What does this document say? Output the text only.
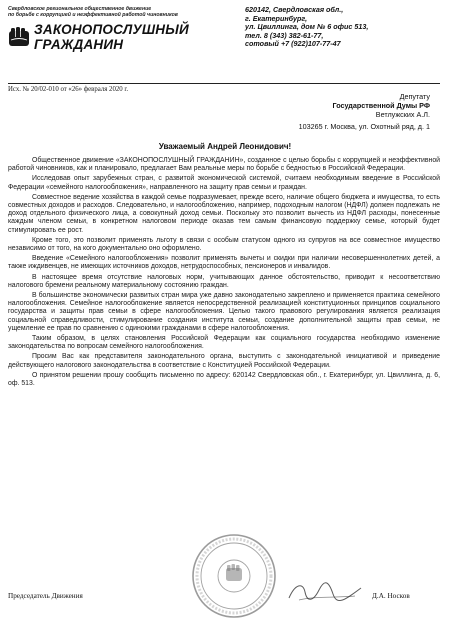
Свердловское региональное общественное движение
по борьбе с коррупцией и неэффективной работой чиновников
ЗАКОНОПОСЛУШНЫЙ
ГРАЖДАНИН
620142, Свердловская обл.,
г. Екатеринбург,
ул. Цвиллинга, дом № 6 офис 513,
тел. 8 (343) 382-61-77,
сотовый +7 (922)107-77-47
Исх. № 20/02-010 от «26» февраля 2020 г.
Депутату
Государственной Думы РФ
Ветлужских А.Л.
103265 г. Москва, ул. Охотный ряд, д. 1
Уважаемый Андрей Леонидович!

Общественное движение «ЗАКОНОПОСЛУШНЫЙ ГРАЖДАНИН», созданное с целью борьбы с коррупцией и неэффективной работой чиновников, как и планировало, предлагает Вам реальные меры по борьбе с бедностью в Российской Федерации.

Исследовав опыт зарубежных стран, с развитой экономической системой, считаем необходимым введение в Российской Федерации «семейного налогообложения», направленного на защиту прав семьи и граждан.

Совместное ведение хозяйства в каждой семье подразумевает, прежде всего, наличие общего бюджета и имущества, то есть совместных доходов и расходов. Следовательно, и налогообложению, например, подоходным налогом (НДФЛ) должен подлежать не доход отдельного физического лица, а совокупный доход семьи. Поскольку это позволит вычесть из НДФЛ расходы, понесенные каждым членом семьи, в конкретном налоговом периоде оказав тем самым финансовую поддержку семье, который будет стимулировать ее рост.

Кроме того, это позволит применять льготу в связи с особым статусом одного из супругов на все совместное имущество независимо от того, на кого документально оно оформлено.

Введение «Семейного налогообложения» позволит применять вычеты и скидки при наличии несовершеннолетних детей, а также иждивенцев, не имеющих источников доходов, нетрудоспособных, пенсионеров и инвалидов.

В настоящее время отсутствие налоговых норм, учитывающих данное обстоятельство, приводит к несоответствию налогового бремени реальному материальному состоянию граждан.

В большинстве экономически развитых стран мира уже давно законодательно закреплено и применяется практика семейного налогообложения. Семейное налогообложение является непосредственной реализацией конституционных принципов социального государства и защиты прав семьи в сфере налогообложения. Целью такого правового регулирования является реализация социальной справедливости, стимулирование создания института семьи, создание дополнительной защиты прав семьи, не ущемление ее прав по сравнению с одинокими гражданами в сфере налогообложения.

Таким образом, в целях становления Российской Федерации как социального государства необходимо изменение законодательства по вопросам семейного налогообложения.

Просим Вас как представителя законодательного органа, выступить с законодательной инициативой и приведение действующего налогового законодательства в соответствие с Конституцией Российской Федерации.

О принятом решении прошу сообщить письменно по адресу: 620142 Свердловская обл., г. Екатеринбург, ул. Цвиллинга, д. 6, оф. 513.

Председатель Движения	Д.А. Носков
